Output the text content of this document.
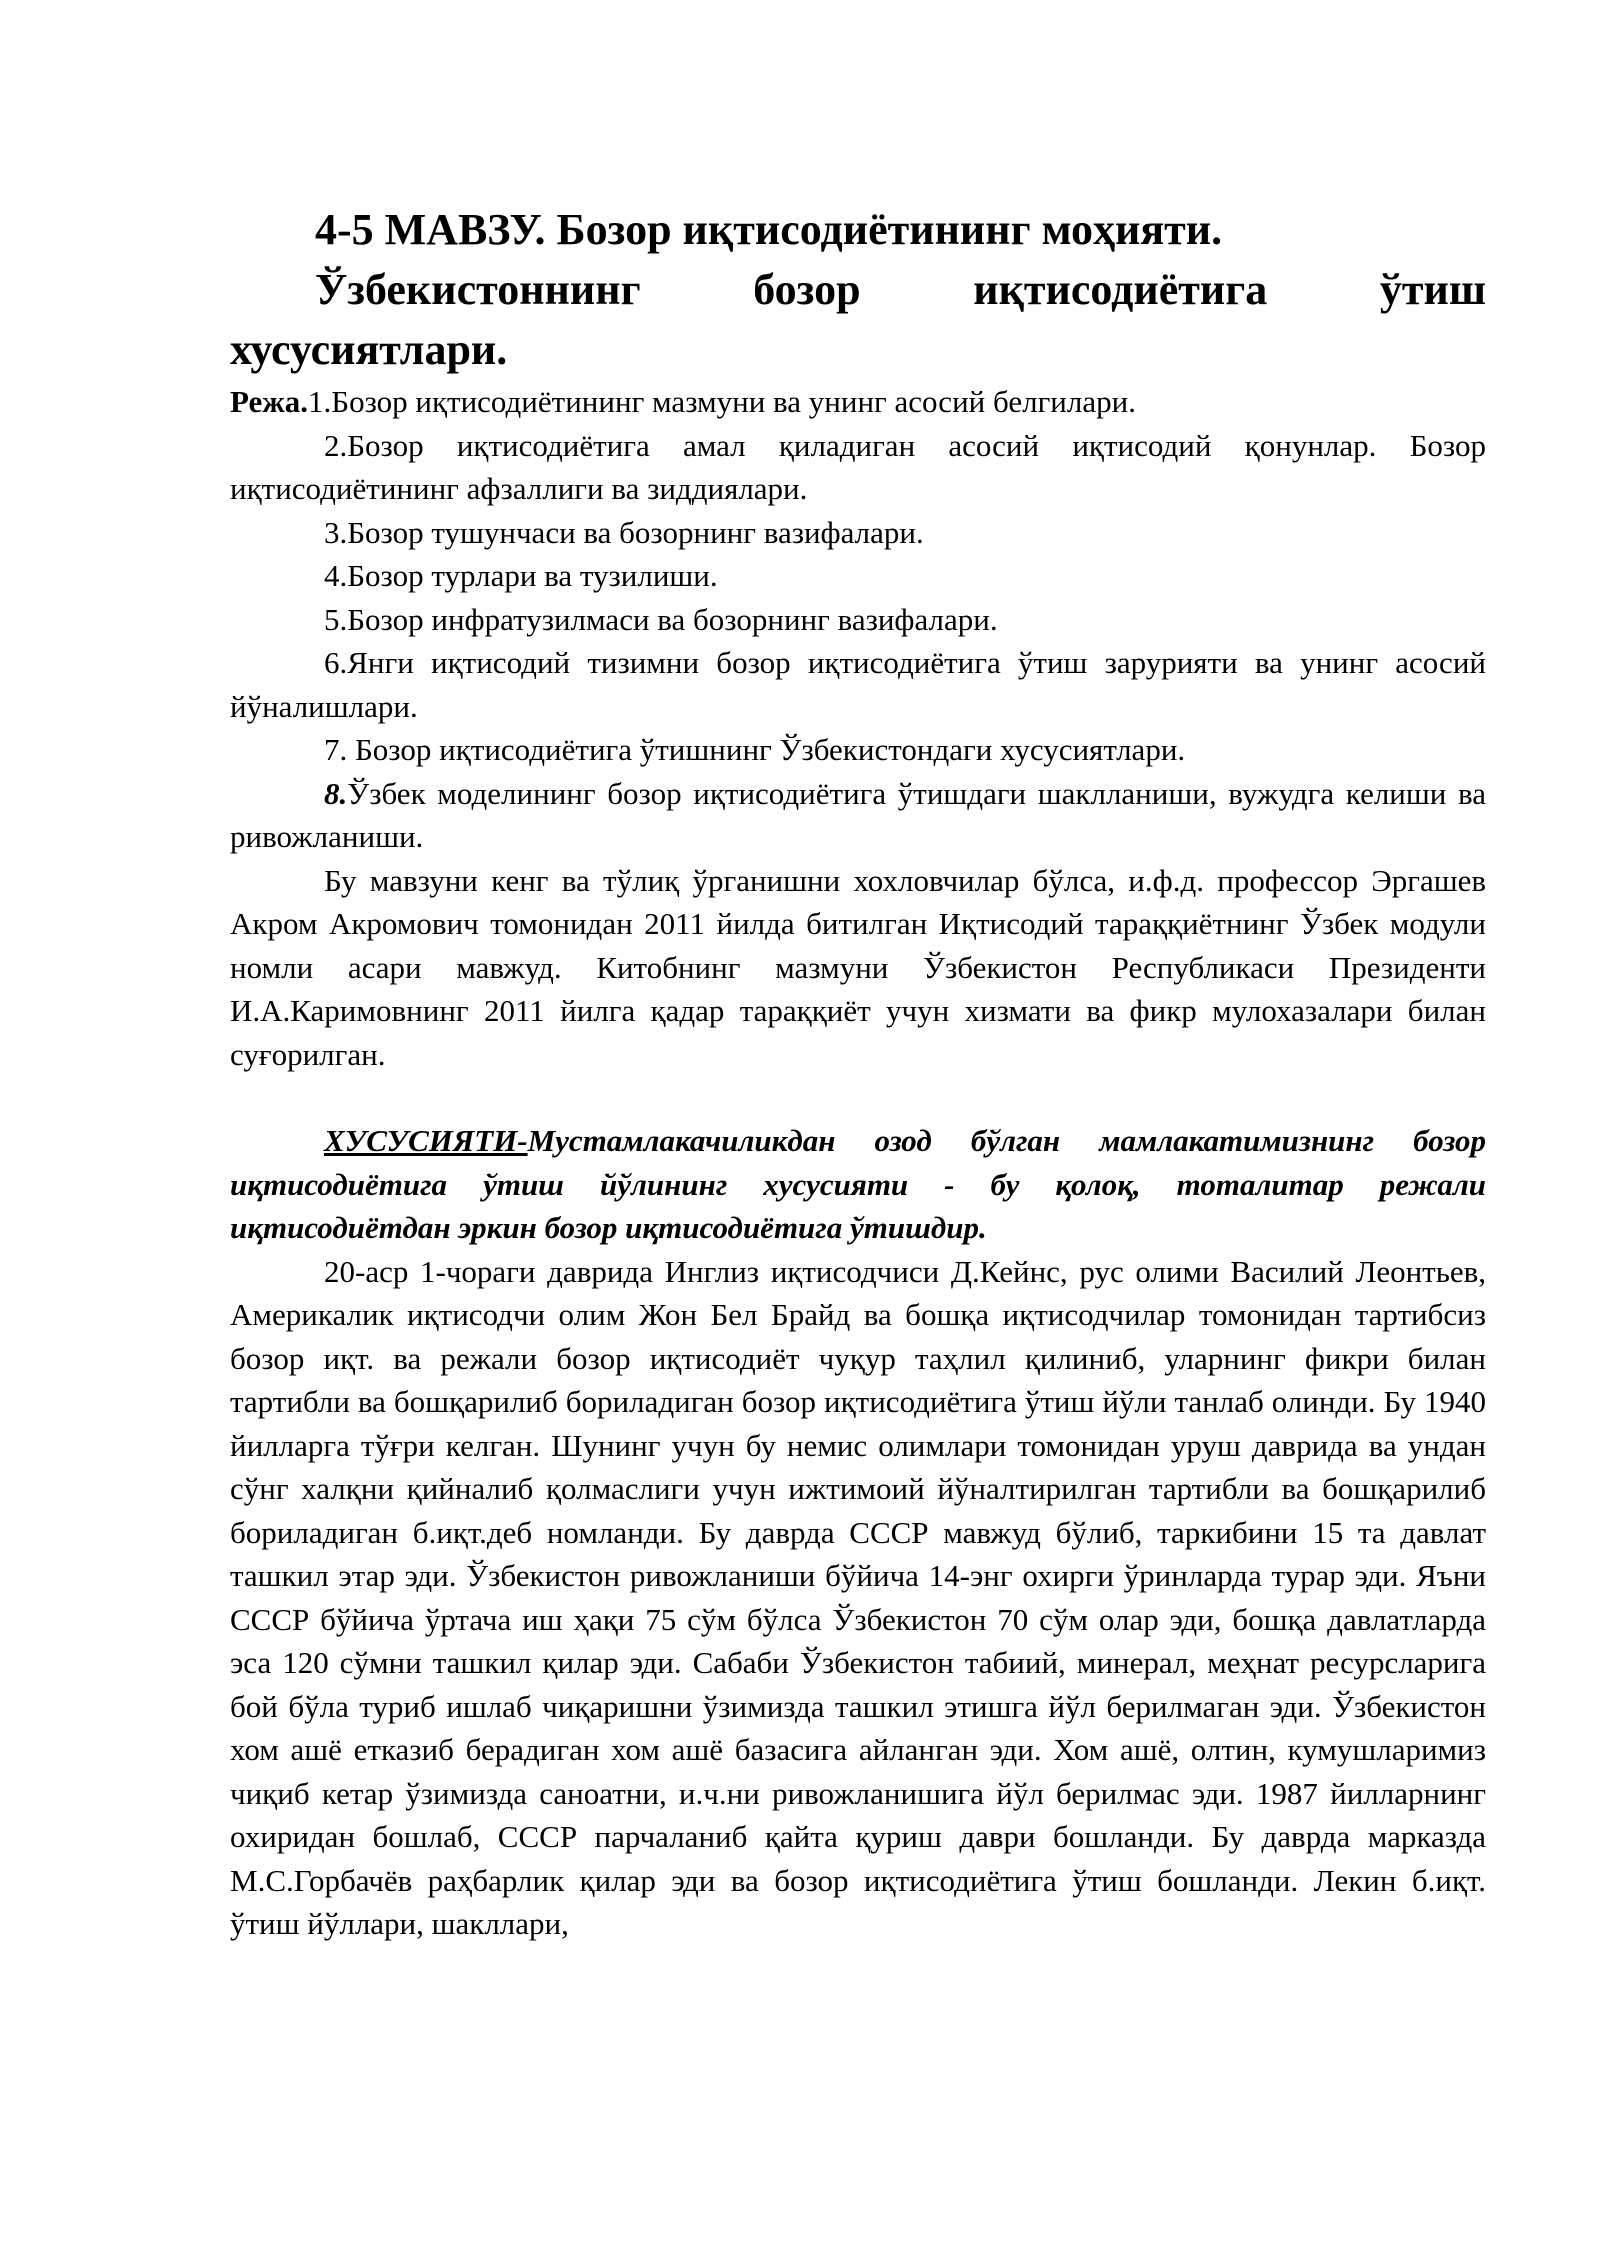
4-5 МАВЗУ. Бозор иқтисодиётининг моҳияти.

Ўзбекистоннинг бозор иқтисодиётига ўтиш
хусусиятлари.

Режа.1.Бозор иқтисодиётининг мазмуни ва унинг асосий белгилари.

2.Бозор иқтисодиётига амал қиладиган асосий иқтисодий қонунлар. Бозор иқтисодиётининг афзаллиги ва зиддиялари.

3.Бозор тушунчаси ва бозорнинг вазифалари.

4.Бозор турлари ва тузилиши.

5.Бозор инфратузилмаси ва бозорнинг вазифалари.

6.Янги иқтисодий тизимни бозор иқтисодиётига ўтиш зарурияти ва унинг асосий йўналишлари.

7. Бозор иқтисодиётига ўтишнинг Ўзбекистондаги хусусиятлари.

8.Ўзбек моделининг бозор иқтисодиётига ўтишдаги шаклланиши, вужудга келиши ва ривожланиши.

Бу мавзуни кенг ва тўлиқ ўрганишни хохловчилар бўлса, и.ф.д. профессор Эргашев Акром Акромович томонидан 2011 йилда битилган Иқтисодий тараққиётнинг Ўзбек модули номли асари мавжуд. Китобнинг мазмуни Ўзбекистон Республикаси Президенти И.А.Каримовнинг 2011 йилга қадар тараққиёт учун хизмати ва фикр мулохазалари билан суғорилган.

ХУСУСИЯТИ-Мустамлакачиликдан озод бўлган мамлакатимизнинг бозор иқтисодиётига ўтиш йўлининг хусусияти - бу қолоқ, тоталитар режали иқтисодиётдан эркин бозор иқтисодиётига ўтишдир.

20-аср 1-чораги даврида Инглиз иқтисодчиси Д.Кейнс, рус олими Василий Леонтьев, Америкалик иқтисодчи олим Жон Бел Брайд ва бошқа иқтисодчилар томонидан тартибсиз бозор иқт. ва режали бозор иқтисодиёт чуқур таҳлил қилиниб, уларнинг фикри билан тартибли ва бошқарилиб бориладиган бозор иқтисодиётига ўтиш йўли танлаб олинди. Бу 1940 йилларга тўғри келган. Шунинг учун бу немис олимлари томонидан уруш даврида ва ундан сўнг халқни қийналиб қолмаслиги учун ижтимоий йўналтирилган тартибли ва бошқарилиб бориладиган б.иқт.деб номланди. Бу даврда СССР мавжуд бўлиб, таркибини 15 та давлат ташкил этар эди. Ўзбекистон ривожланиши бўйича 14-энг охирги ўринларда турар эди. Яъни СССР бўйича ўртача иш ҳақи 75 сўм бўлса Ўзбекистон 70 сўм олар эди, бошқа давлатларда эса 120 сўмни ташкил қилар эди. Сабаби Ўзбекистон табиий, минерал, меҳнат ресурсларига бой бўла туриб ишлаб чиқаришни ўзимизда ташкил этишга йўл берилмаган эди. Ўзбекистон хом ашё етказиб берадиган хом ашё базасига айланган эди. Хом ашё, олтин, кумушларимиз чиқиб кетар ўзимизда саноатни, и.ч.ни ривожланишига йўл берилмас эди. 1987 йилларнинг охиридан бошлаб, СССР парчаланиб қайта қуриш даври бошланди. Бу даврда марказда М.С.Горбачёв раҳбарлик қилар эди ва бозор иқтисодиётига ўтиш бошланди. Лекин б.иқт. ўтиш йўллари, шакллари,
